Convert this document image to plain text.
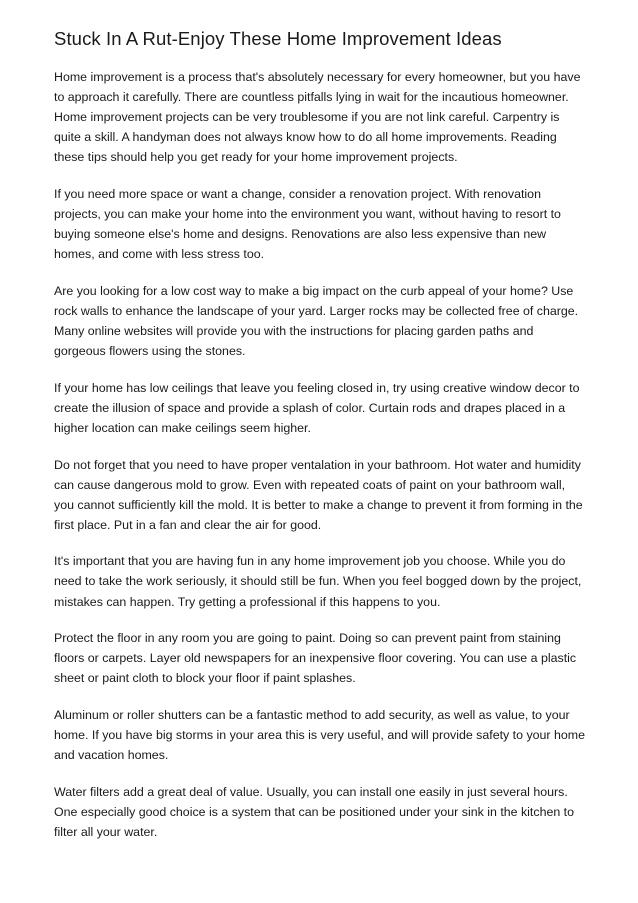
Stuck In A Rut-Enjoy These Home Improvement Ideas

Home improvement is a process that's absolutely necessary for every homeowner, but you have to approach it carefully. There are countless pitfalls lying in wait for the incautious homeowner. Home improvement projects can be very troublesome if you are not link careful. Carpentry is quite a skill. A handyman does not always know how to do all home improvements. Reading these tips should help you get ready for your home improvement projects.

If you need more space or want a change, consider a renovation project. With renovation projects, you can make your home into the environment you want, without having to resort to buying someone else's home and designs. Renovations are also less expensive than new homes, and come with less stress too.

Are you looking for a low cost way to make a big impact on the curb appeal of your home? Use rock walls to enhance the landscape of your yard. Larger rocks may be collected free of charge. Many online websites will provide you with the instructions for placing garden paths and gorgeous flowers using the stones.

If your home has low ceilings that leave you feeling closed in, try using creative window decor to create the illusion of space and provide a splash of color. Curtain rods and drapes placed in a higher location can make ceilings seem higher.

Do not forget that you need to have proper ventalation in your bathroom. Hot water and humidity can cause dangerous mold to grow. Even with repeated coats of paint on your bathroom wall, you cannot sufficiently kill the mold. It is better to make a change to prevent it from forming in the first place. Put in a fan and clear the air for good.

It's important that you are having fun in any home improvement job you choose. While you do need to take the work seriously, it should still be fun. When you feel bogged down by the project, mistakes can happen. Try getting a professional if this happens to you.

Protect the floor in any room you are going to paint. Doing so can prevent paint from staining floors or carpets. Layer old newspapers for an inexpensive floor covering. You can use a plastic sheet or paint cloth to block your floor if paint splashes.

Aluminum or roller shutters can be a fantastic method to add security, as well as value, to your home. If you have big storms in your area this is very useful, and will provide safety to your home and vacation homes.

Water filters add a great deal of value. Usually, you can install one easily in just several hours. One especially good choice is a system that can be positioned under your sink in the kitchen to filter all your water.
